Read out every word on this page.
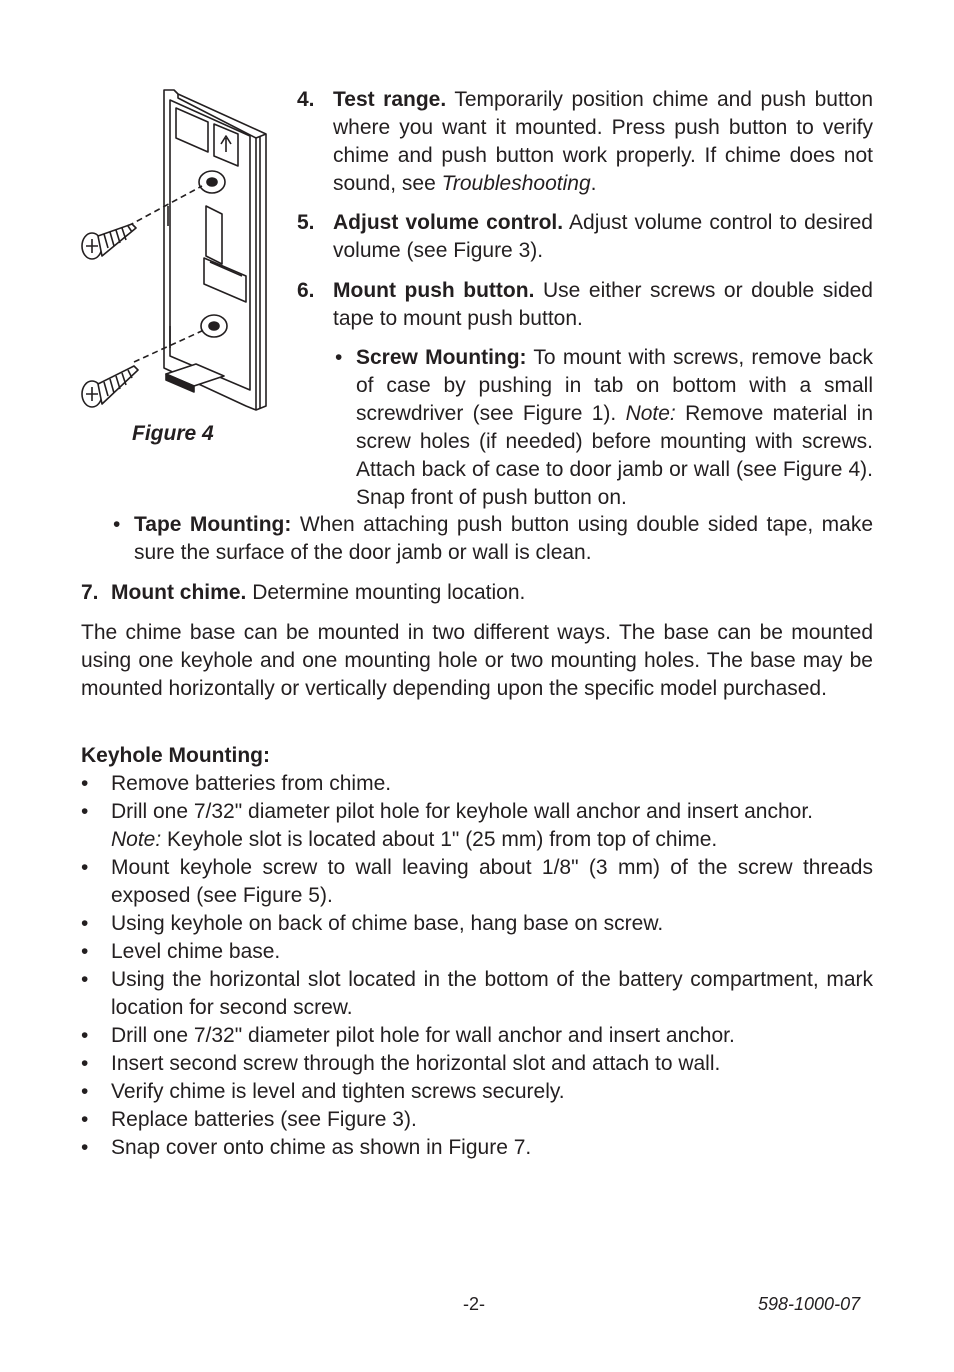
Figure 4
4. Test range. Temporarily position chime and push button where you want it mounted. Press push button to verify chime and push button work properly. If chime does not sound, see Troubleshooting.

5. Adjust volume control. Adjust volume control to desired volume (see Figure 3).

6. Mount push button. Use either screws or double sided tape to mount push button.

• Screw Mounting: To mount with screws, remove back of case by pushing in tab on bottom with a small screwdriver (see Figure 1). Note: Remove material in screw holes (if needed) before mounting with screws. Attach back of case to door jamb or wall (see Figure 4). Snap front of push button on.

• Tape Mounting: When attaching push button using double sided tape, make sure the surface of the door jamb or wall is clean.

7. Mount chime. Determine mounting location.

The chime base can be mounted in two different ways. The base can be mounted using one keyhole and one mounting hole or two mounting holes. The base may be mounted horizontally or vertically depending upon the specific model purchased.

Keyhole Mounting:
• Remove batteries from chime.

• Drill one 7/32" diameter pilot hole for keyhole wall anchor and insert anchor.
Note: Keyhole slot is located about 1" (25 mm) from top of chime.

• Mount keyhole screw to wall leaving about 1/8" (3 mm) of the screw threads exposed (see Figure 5).

• Using keyhole on back of chime base, hang base on screw.

• Level chime base.

• Using the horizontal slot located in the bottom of the battery compartment, mark location for second screw.

• Drill one 7/32" diameter pilot hole for wall anchor and insert anchor.

• Insert second screw through the horizontal slot and attach to wall.

• Verify chime is level and tighten screws securely.

• Replace batteries (see Figure 3).

• Snap cover onto chime as shown in Figure 7.

-2-	598-1000-07
